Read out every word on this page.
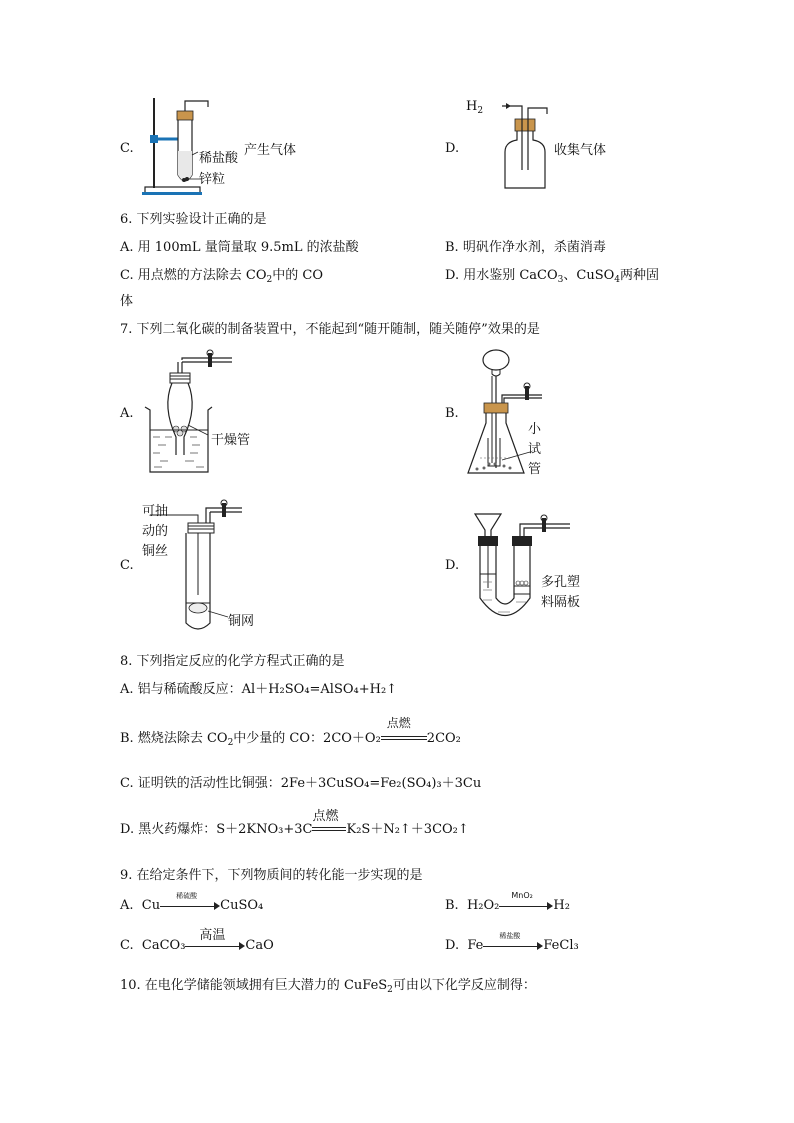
C.
稀盐酸
产生气体
锌粒
D.
$H_2$
收集气体
6. 下列实验设计正确的是
A. 用 100mL 量筒量取 9.5mL 的浓盐酸	B. 明矾作净水剂，杀菌消毒
C. 用点燃的方法除去 $CO_2$中的 CO	D. 用水鉴别 CaCO$_3$、CuSO$_4$两种固
体
7. 下列二氧化碳的制备装置中，不能起到“随开随制，随关随停”效果的是
A.
干燥管
B.
小
试
管
C.
可抽
动的
铜丝
铜网
D.
多孔塑
料隔板
8. 下列指定反应的化学方程式正确的是
A. 铝与稀硫酸反应：Al＋H₂SO₄=AlSO₄+H₂↑
B. 燃烧法除去 $CO_2$中少量的 CO：2CO＋O₂
点燃
2CO₂
C. 证明铁的活动性比铜强：2Fe＋3CuSO₄=Fe₂(SO₄)₃＋3Cu
D. 黑火药爆炸：S＋2KNO₃+3C
点燃
K₂S＋N₂↑＋3CO₂↑
9. 在给定条件下，下列物质间的转化能一步实现的是
A. Cu
稀硫酸
CuSO₄	B. H₂O₂
MnO₂
H₂
C. CaCO₃
高温
CaO	D. Fe
稀盐酸
FeCl₃
10. 在电化学储能领域拥有巨大潜力的 CuFeS$_2$可由以下化学反应制得：
